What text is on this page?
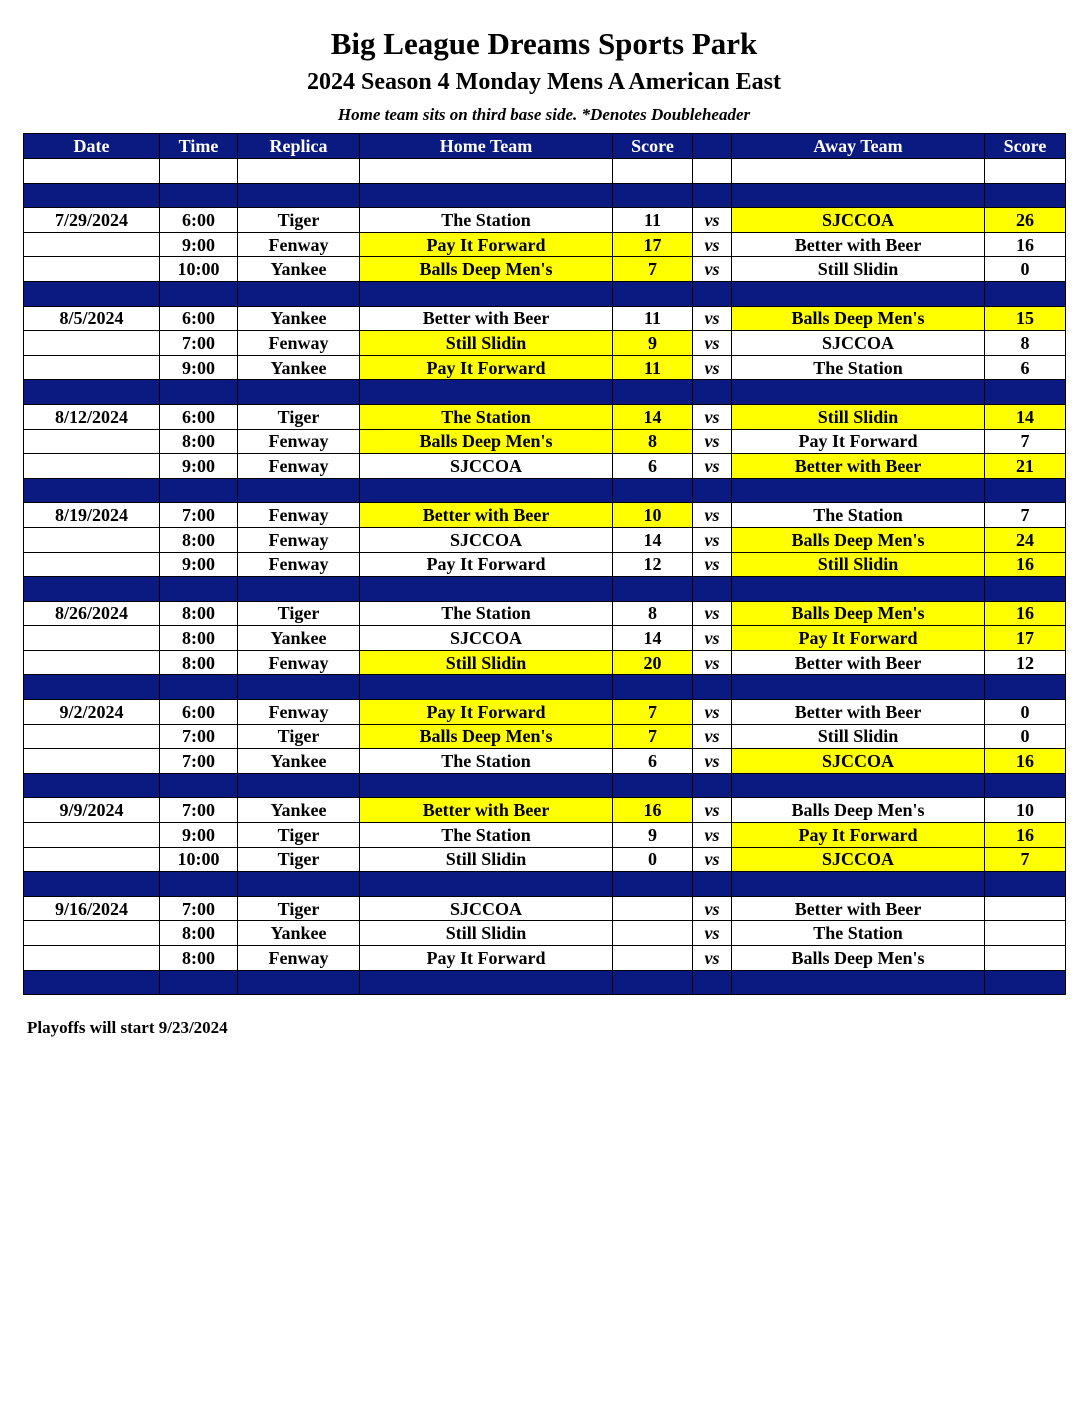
Big League Dreams Sports Park
2024 Season 4 Monday Mens A American East
Home team sits on third base side. *Denotes Doubleheader
Date	Time	Replica	Home Team	Score		Away Team	Score

7/29/2024	6:00	Tiger	The Station	11	vs	SJCCOA	26
	9:00	Fenway	Pay It Forward	17	vs	Better with Beer	16
	10:00	Yankee	Balls Deep Men's	7	vs	Still Slidin	0

8/5/2024	6:00	Yankee	Better with Beer	11	vs	Balls Deep Men's	15
	7:00	Fenway	Still Slidin	9	vs	SJCCOA	8
	9:00	Yankee	Pay It Forward	11	vs	The Station	6

8/12/2024	6:00	Tiger	The Station	14	vs	Still Slidin	14
	8:00	Fenway	Balls Deep Men's	8	vs	Pay It Forward	7
	9:00	Fenway	SJCCOA	6	vs	Better with Beer	21

8/19/2024	7:00	Fenway	Better with Beer	10	vs	The Station	7
	8:00	Fenway	SJCCOA	14	vs	Balls Deep Men's	24
	9:00	Fenway	Pay It Forward	12	vs	Still Slidin	16

8/26/2024	8:00	Tiger	The Station	8	vs	Balls Deep Men's	16
	8:00	Yankee	SJCCOA	14	vs	Pay It Forward	17
	8:00	Fenway	Still Slidin	20	vs	Better with Beer	12

9/2/2024	6:00	Fenway	Pay It Forward	7	vs	Better with Beer	0
	7:00	Tiger	Balls Deep Men's	7	vs	Still Slidin	0
	7:00	Yankee	The Station	6	vs	SJCCOA	16

9/9/2024	7:00	Yankee	Better with Beer	16	vs	Balls Deep Men's	10
	9:00	Tiger	The Station	9	vs	Pay It Forward	16
	10:00	Tiger	Still Slidin	0	vs	SJCCOA	7

9/16/2024	7:00	Tiger	SJCCOA		vs	Better with Beer	
	8:00	Yankee	Still Slidin		vs	The Station	
	8:00	Fenway	Pay It Forward		vs	Balls Deep Men's	

Playoffs will start 9/23/2024
